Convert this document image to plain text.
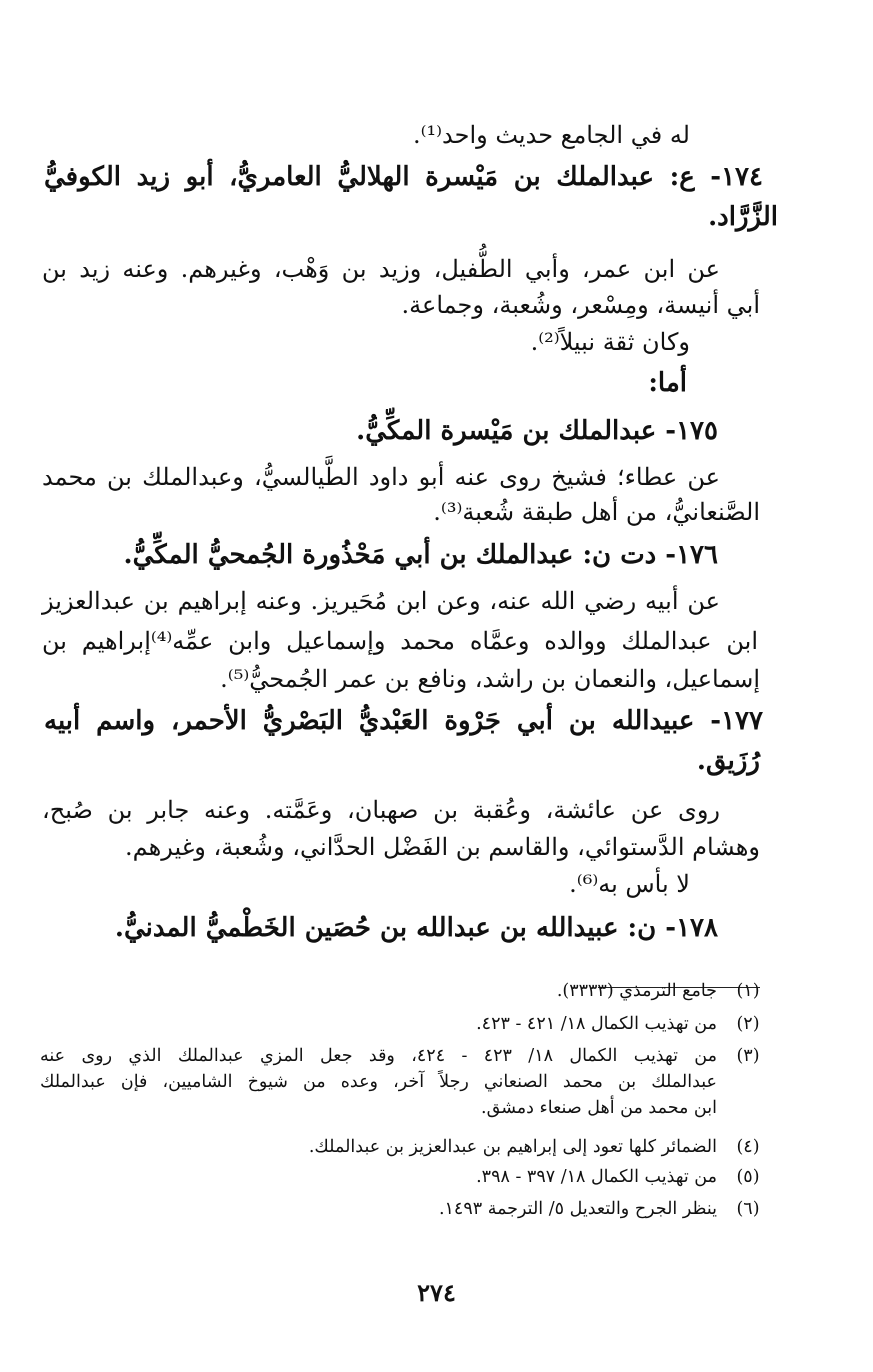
له في الجامع حديث واحد⁽¹⁾.
١٧٤- ع: عبدالملك بن مَيْسرة الهلاليُّ العامريُّ، أبو زيد الكوفيُّ
الزَّرَّاد.
عن ابن عمر، وأبي الطُّفيل، وزيد بن وَهْب، وغيرهم. وعنه زيد بن
أبي أنيسة، ومِسْعر، وشُعبة، وجماعة.
وكان ثقة نبيلاً⁽²⁾.
أما:
١٧٥- عبدالملك بن مَيْسرة المكِّيُّ.
عن عطاء؛ فشيخ روى عنه أبو داود الطَّيالسيُّ، وعبدالملك بن محمد
الصَّنعانيُّ، من أهل طبقة شُعبة⁽³⁾.
١٧٦- دت ن: عبدالملك بن أبي مَحْذُورة الجُمحيُّ المكِّيُّ.
عن أبيه رضي الله عنه، وعن ابن مُحَيريز. وعنه إبراهيم بن عبدالعزيز
ابن عبدالملك ووالده وعمَّاه محمد وإسماعيل وابن عمِّه⁽⁴⁾إبراهيم بن
إسماعيل، والنعمان بن راشد، ونافع بن عمر الجُمحيُّ⁽⁵⁾.
١٧٧- عبيدالله بن أبي جَرْوة العَبْديُّ البَصْريُّ الأحمر، واسم أبيه
رُزَيق.
روى عن عائشة، وعُقبة بن صهبان، وعَمَّته. وعنه جابر بن صُبح،
وهشام الدَّستوائي، والقاسم بن الفَضْل الحدَّاني، وشُعبة، وغيرهم.
لا بأس به⁽⁶⁾.
١٧٨- ن: عبيدالله بن عبدالله بن حُصَين الخَطْميُّ المدنيُّ.
(١)
جامع الترمذي (٣٣٣٣).
(٢)
من تهذيب الكمال ١٨/ ٤٢١ - ٤٢٣.
(٣)
من تهذيب الكمال ١٨/ ٤٢٣ - ٤٢٤، وقد جعل المزي عبدالملك الذي روى عنه
عبدالملك بن محمد الصنعاني رجلاً آخر، وعده من شيوخ الشاميين، فإن عبدالملك
ابن محمد من أهل صنعاء دمشق.
(٤)
الضمائر كلها تعود إلى إبراهيم بن عبدالعزيز بن عبدالملك.
(٥)
من تهذيب الكمال ١٨/ ٣٩٧ - ٣٩٨.
(٦)
ينظر الجرح والتعديل ٥/ الترجمة ١٤٩٣.
٢٧٤
